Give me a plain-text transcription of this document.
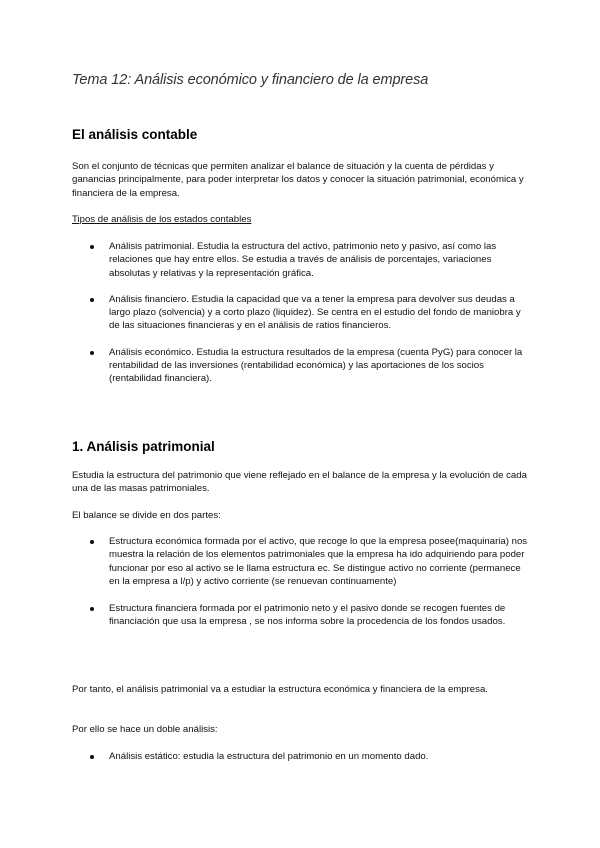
Tema 12: Análisis económico y financiero de la empresa
El análisis contable
Son el conjunto de técnicas que permiten analizar el balance de situación y la cuenta de pérdidas y ganancias principalmente, para poder interpretar los datos y conocer la situación patrimonial, económica y financiera de la empresa.
Tipos de análisis de los estados contables
Análisis patrimonial. Estudia la estructura del activo, patrimonio neto y pasivo, así como las relaciones que hay entre ellos. Se estudia a través de análisis de porcentajes, variaciones absolutas y relativas y la representación gráfica.
Análisis financiero. Estudia la capacidad que va a tener la empresa para devolver sus deudas a largo plazo (solvencia) y a corto plazo (liquidez). Se centra en el estudio del fondo de maniobra y de las situaciones financieras y en el análisis de ratios financieros.
Análisis económico. Estudia la estructura resultados de la empresa (cuenta PyG) para conocer la rentabilidad de las inversiones (rentabilidad económica) y las aportaciones de los socios (rentabilidad financiera).
1. Análisis patrimonial
Estudia la estructura del patrimonio que viene reflejado en el balance de la empresa y la evolución de cada una de las masas patrimoniales.
El balance se divide en dos partes:
Estructura económica formada por el activo, que recoge lo que la empresa posee(maquinaria) nos muestra la relación de los elementos patrimoniales que la empresa ha ido adquiriendo para poder funcionar por eso al activo se le llama estructura ec. Se distingue activo no corriente (permanece en la empresa a l/p) y activo corriente (se renuevan continuamente)
Estructura financiera formada por el patrimonio neto y el pasivo donde se recogen fuentes de financiación que usa la empresa , se nos informa sobre la procedencia de los fondos usados.
Por tanto, el análisis patrimonial va a estudiar la estructura económica y financiera de la empresa.
Por ello se hace un doble análisis:
Análisis estático: estudia la estructura del patrimonio en un momento dado.
